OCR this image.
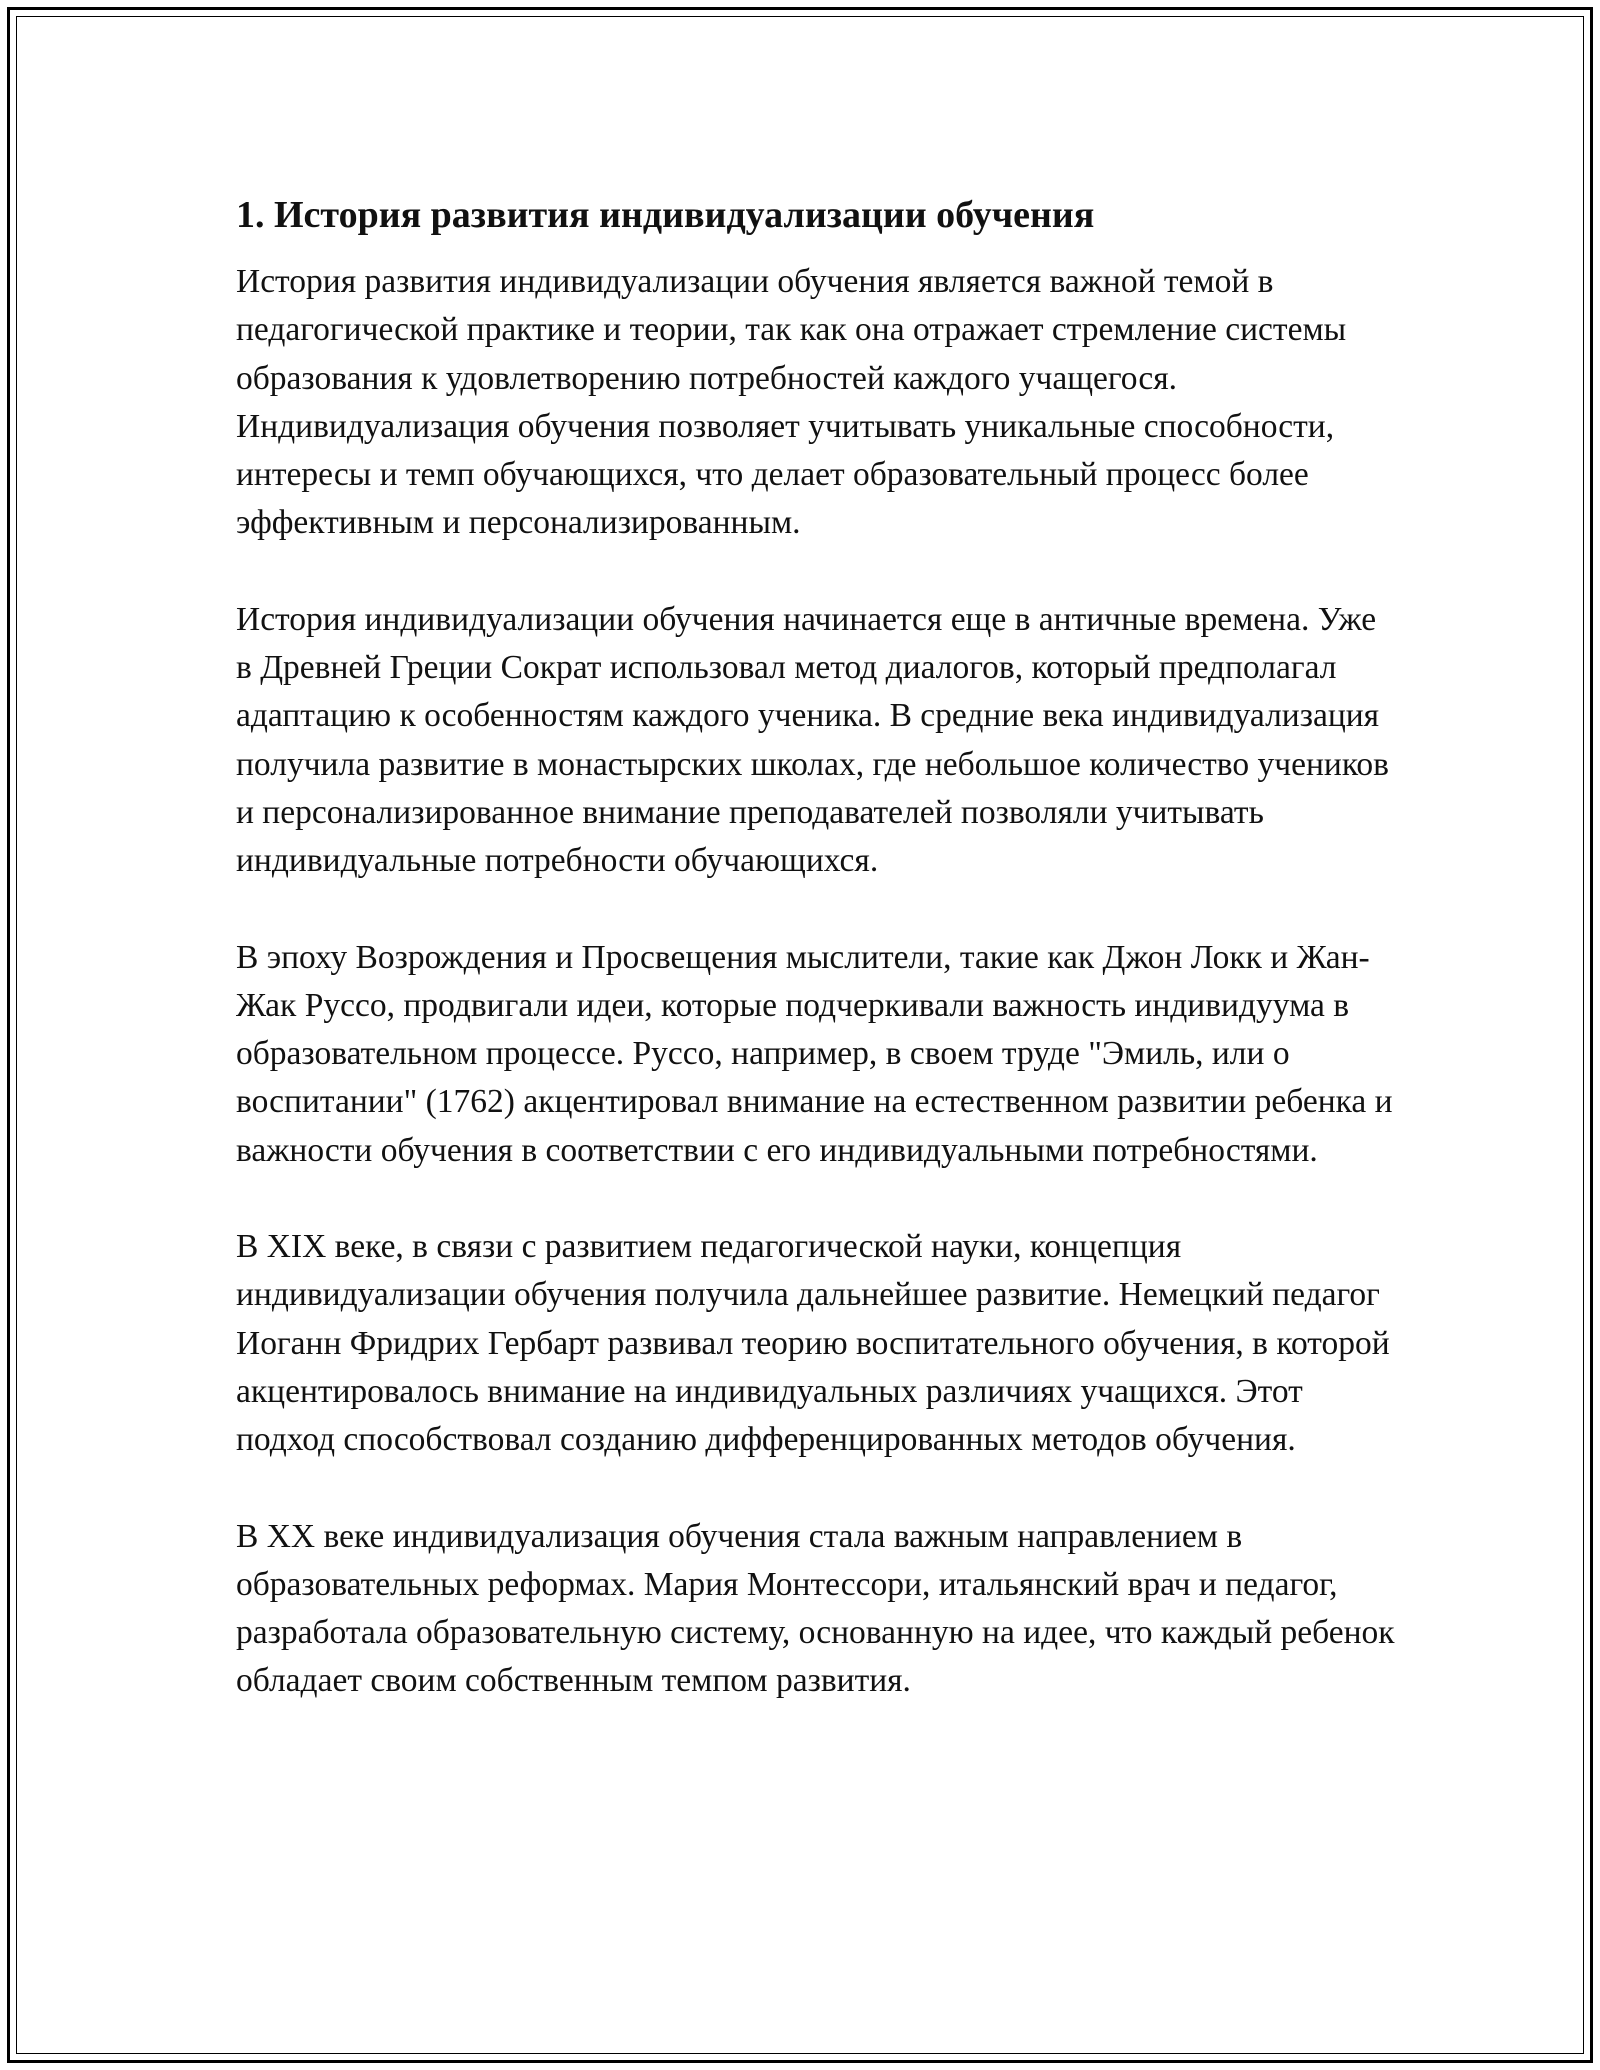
1. История развития индивидуализации обучения

История развития индивидуализации обучения является важной темой в педагогической практике и теории, так как она отражает стремление системы образования к удовлетворению потребностей каждого учащегося. Индивидуализация обучения позволяет учитывать уникальные способности, интересы и темп обучающихся, что делает образовательный процесс более эффективным и персонализированным.

История индивидуализации обучения начинается еще в античные времена. Уже в Древней Греции Сократ использовал метод диалогов, который предполагал адаптацию к особенностям каждого ученика. В средние века индивидуализация получила развитие в монастырских школах, где небольшое количество учеников и персонализированное внимание преподавателей позволяли учитывать индивидуальные потребности обучающихся.

В эпоху Возрождения и Просвещения мыслители, такие как Джон Локк и Жан-Жак Руссо, продвигали идеи, которые подчеркивали важность индивидуума в образовательном процессе. Руссо, например, в своем труде "Эмиль, или о воспитании" (1762) акцентировал внимание на естественном развитии ребенка и важности обучения в соответствии с его индивидуальными потребностями.

В XIX веке, в связи с развитием педагогической науки, концепция индивидуализации обучения получила дальнейшее развитие. Немецкий педагог Иоганн Фридрих Гербарт развивал теорию воспитательного обучения, в которой акцентировалось внимание на индивидуальных различиях учащихся. Этот подход способствовал созданию дифференцированных методов обучения.

В XX веке индивидуализация обучения стала важным направлением в образовательных реформах. Мария Монтессори, итальянский врач и педагог, разработала образовательную систему, основанную на идее, что каждый ребенок обладает своим собственным темпом развития.
